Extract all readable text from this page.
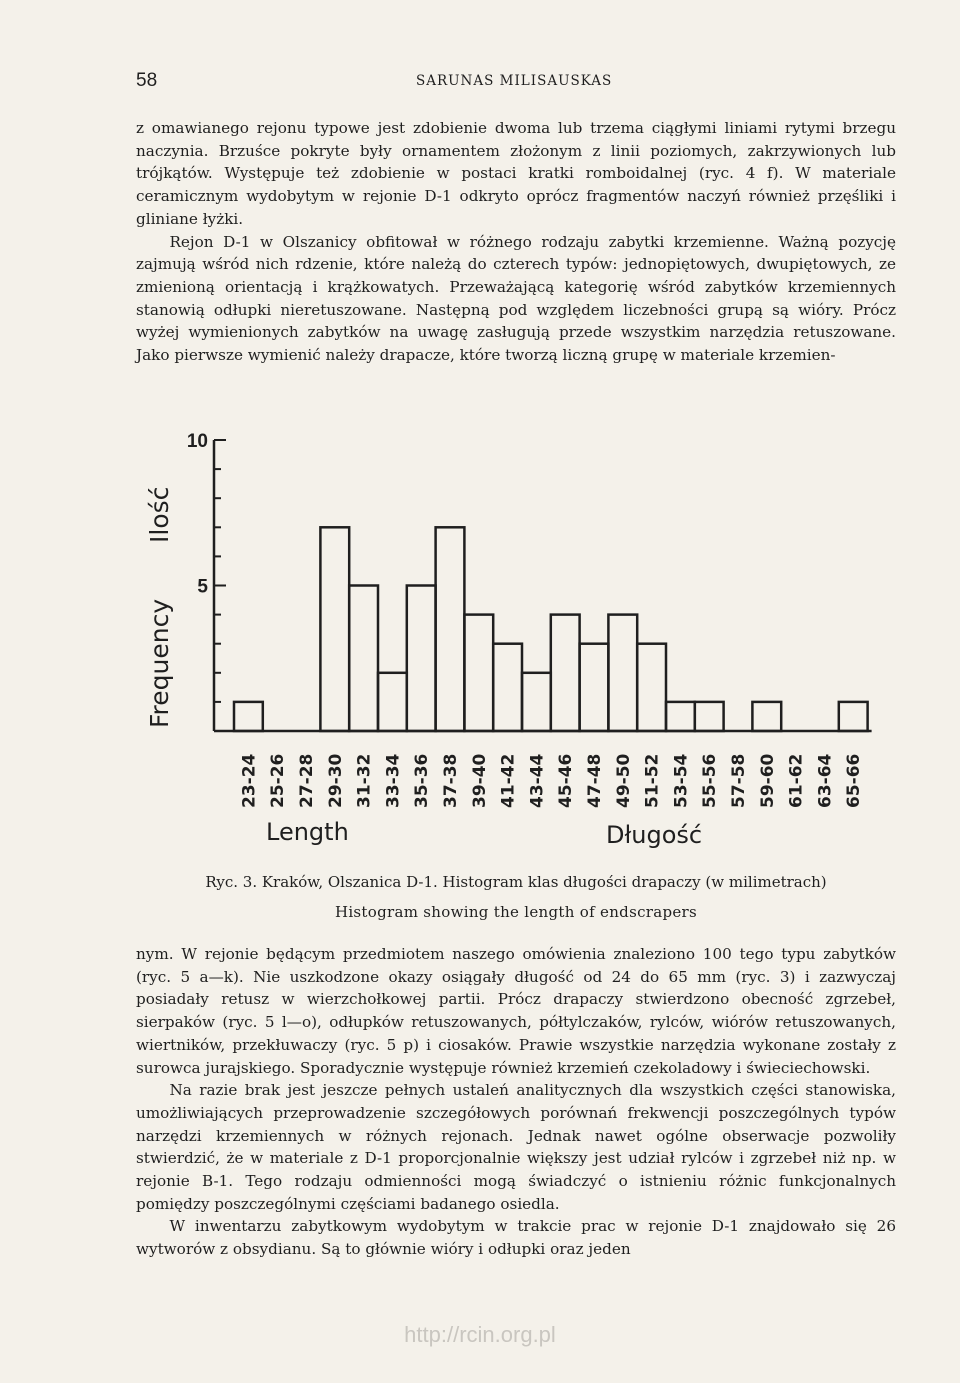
58	SARUNAS MILISAUSKAS

z omawianego rejonu typowe jest zdobienie dwoma lub trzema ciągłymi liniami rytymi brzegu naczynia. Brzuśce pokryte były ornamentem złożonym z linii poziomych, zakrzywionych lub trójkątów. Występuje też zdobienie w postaci kratki romboidalnej (ryc. 4 f). W materiale ceramicznym wydobytym w rejonie D-1 odkryto oprócz fragmentów naczyń również przęśliki i gliniane łyżki.

Rejon D-1 w Olszanicy obfitował w różnego rodzaju zabytki krzemienne. Ważną pozycję zajmują wśród nich rdzenie, które należą do czterech typów: jednopiętowych, dwupiętowych, ze zmienioną orientacją i krążkowatych. Przeważającą kategorię wśród zabytków krzemiennych stanowią odłupki nieretuszowane. Następną pod względem liczebności grupą są wióry. Prócz wyżej wymienionych zabytków na uwagę zasługują przede wszystkim narzędzia retuszowane. Jako pierwsze wymienić należy drapacze, które tworzą liczną grupę w materiale krzemien-

10
5
23-24 25-26 27-28 29-30 31-32 33-34 35-36 37-38 39-40 41-42 43-44 45-46 47-48 49-50 51-52 53-54 55-56 57-58 59-60 61-62 63-64 65-66
Frequency
Ilość
Length	Długość
Ryc. 3. Kraków, Olszanica D-1. Histogram klas długości drapaczy (w milimetrach)
Histogram showing the length of endscrapers

nym. W rejonie będącym przedmiotem naszego omówienia znaleziono 100 tego typu zabytków (ryc. 5 a—k). Nie uszkodzone okazy osiągały długość od 24 do 65 mm (ryc. 3) i zazwyczaj posiadały retusz w wierzchołkowej partii. Prócz drapaczy stwierdzono obecność zgrzebeł, sierpaków (ryc. 5 l—o), odłupków retuszowanych, półtylczaków, rylców, wiórów retuszowanych, wiertników, przekłuwaczy (ryc. 5 p) i ciosaków. Prawie wszystkie narzędzia wykonane zostały z surowca jurajskiego. Sporadycznie występuje również krzemień czekoladowy i świeciechowski.

Na razie brak jest jeszcze pełnych ustaleń analitycznych dla wszystkich części stanowiska, umożliwiających przeprowadzenie szczegółowych porównań frekwencji poszczególnych typów narzędzi krzemiennych w różnych rejonach. Jednak nawet ogólne obserwacje pozwoliły stwierdzić, że w materiale z D-1 proporcjonalnie większy jest udział rylców i zgrzebeł niż np. w rejonie B-1. Tego rodzaju odmienności mogą świadczyć o istnieniu różnic funkcjonalnych pomiędzy poszczególnymi częściami badanego osiedla.

W inwentarzu zabytkowym wydobytym w trakcie prac w rejonie D-1 znajdowało się 26 wytworów z obsydianu. Są to głównie wióry i odłupki oraz jeden

http://rcin.org.pl
